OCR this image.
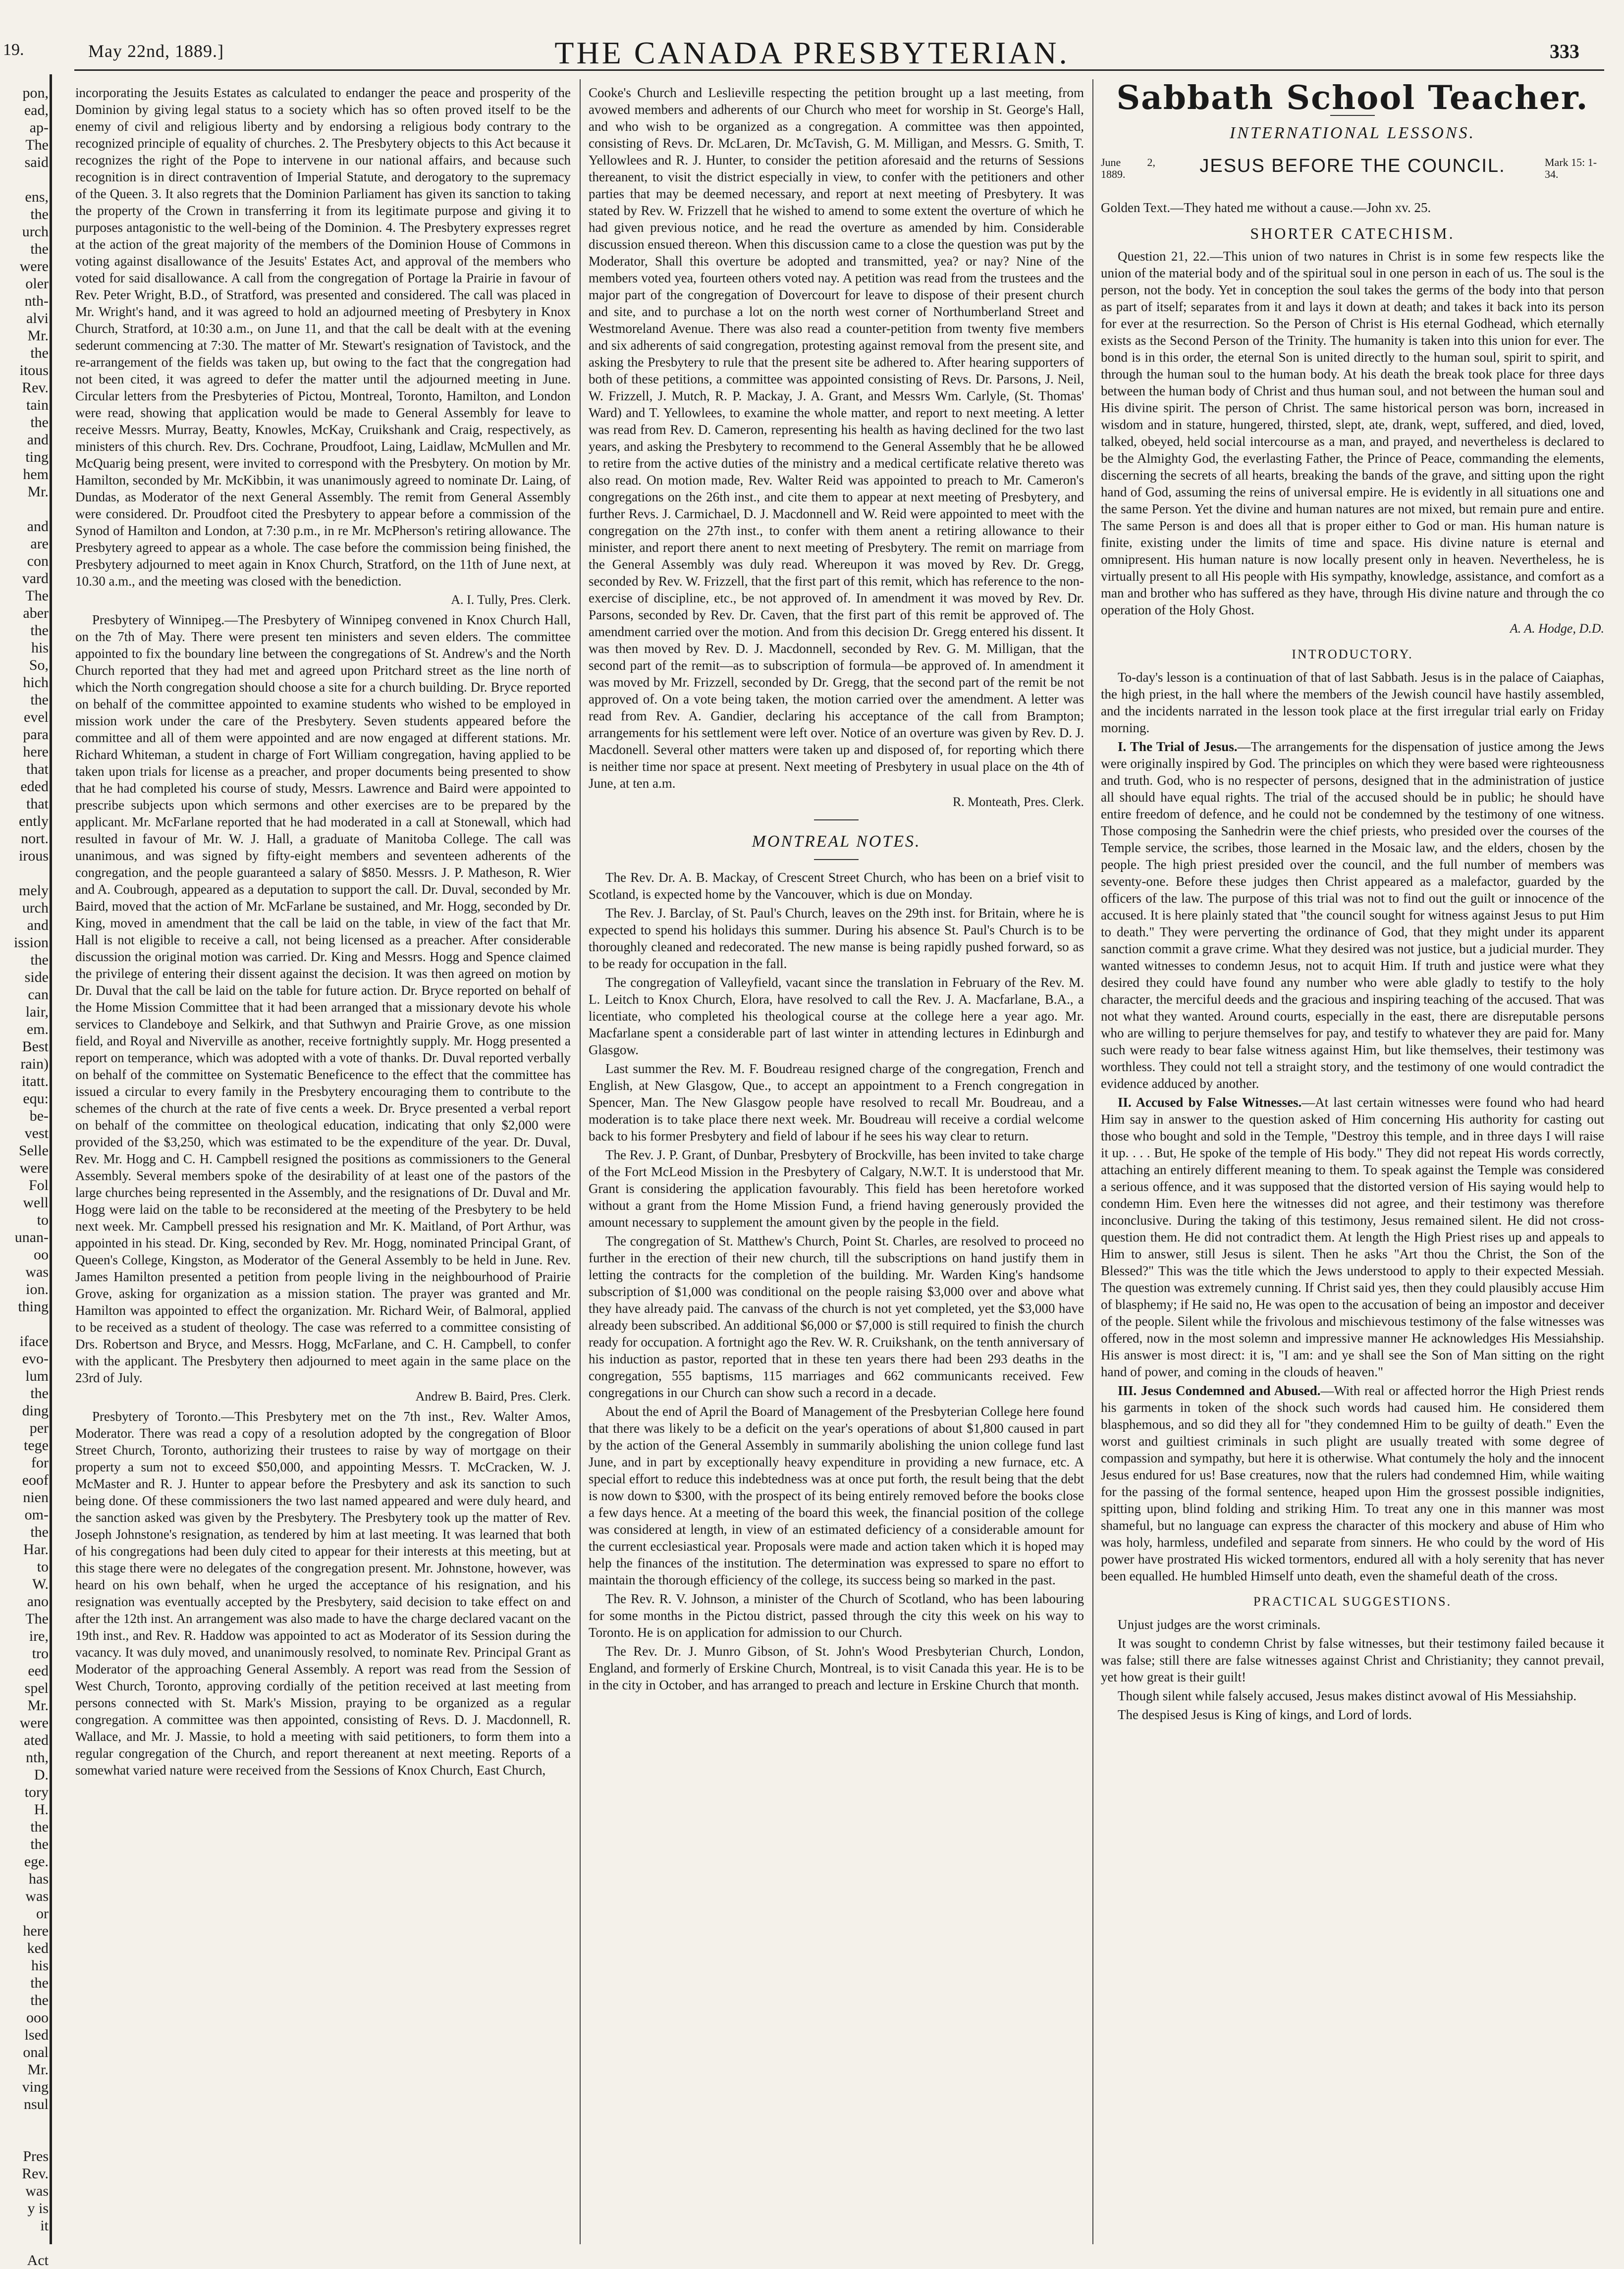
19.	May 22nd, 1889.]	THE CANADA PRESBYTERIAN.	333
pon,
ead,
ap-
The
said
ens,
the
urch
the
were
oler
nth-
alvi
Mr.
the
itous
Rev.
tain
the
and
ting
hem
Mr.
and
are
con
vard
The
aber
the
his
So,
hich
the
evel
para
here
that
eded
that
ently
nort.
irous
mely
urch
and
ission
the
side
can
lair,
em.
Best
rain)
itatt.
equ:
be-
vest
Selle
were
Fol
well
to
unan-
oo
was
ion.
thing
iface
evo-
lum
the
ding
per
tege
for
eoof
nien
om-
the
Har.
to
W.
ano
The
ire,
tro
eed
spel
Mr.
were
ated
nth,
D.
tory
H.
the
the
ege.
has
was
or
here
ked
his
the
the
ooo
lsed
onal
Mr.
ving
nsul
Pres
Rev.
was
y is
it
Act

incorporating the Jesuits Estates as calculated to endanger the peace and prosperity of the Dominion by giving legal status to a society which has so often proved itself to be the enemy of civil and religious liberty and by endorsing a religious body contrary to the recognized principle of equality of churches. 2. The Presbytery objects to this Act because it recognizes the right of the Pope to intervene in our national affairs, and because such recognition is in direct contravention of Imperial Statute, and derogatory to the supremacy of the Queen. 3. It also regrets that the Dominion Parliament has given its sanction to taking the property of the Crown in transferring it from its legitimate purpose and giving it to purposes antagonistic to the well-being of the Dominion. 4. The Presbytery expresses regret at the action of the great majority of the members of the Dominion House of Commons in voting against disallowance of the Jesuits' Estates Act, and approval of the members who voted for said disallowance. A call from the congregation of Portage la Prairie in favour of Rev. Peter Wright, B.D., of Stratford, was presented and considered. The call was placed in Mr. Wright's hand, and it was agreed to hold an adjourned meeting of Presbytery in Knox Church, Stratford, at 10:30 a.m., on June 11, and that the call be dealt with at the evening sederunt commencing at 7:30. The matter of Mr. Stewart's resignation of Tavistock, and the re-arrangement of the fields was taken up, but owing to the fact that the congregation had not been cited, it was agreed to defer the matter until the adjourned meeting in June. Circular letters from the Presbyteries of Pictou, Montreal, Toronto, Hamilton, and London were read, showing that application would be made to General Assembly for leave to receive Messrs. Murray, Beatty, Knowles, McKay, Cruikshank and Craig, respectively, as ministers of this church. Rev. Drs. Cochrane, Proudfoot, Laing, Laidlaw, McMullen and Mr. McQuarig being present, were invited to correspond with the Presbytery. On motion by Mr. Hamilton, seconded by Mr. McKibbin, it was unanimously agreed to nominate Dr. Laing, of Dundas, as Moderator of the next General Assembly. The remit from General Assembly were considered. Dr. Proudfoot cited the Presbytery to appear before a commission of the Synod of Hamilton and London, at 7:30 p.m., in re Mr. McPherson's retiring allowance. The Presbytery agreed to appear as a whole. The case before the commission being finished, the Presbytery adjourned to meet again in Knox Church, Stratford, on the 11th of June next, at 10.30 a.m., and the meeting was closed with the benediction.

A. I. Tully, Pres. Clerk.

Presbytery of Winnipeg.—The Presbytery of Winnipeg convened in Knox Church Hall, on the 7th of May. There were present ten ministers and seven elders. The committee appointed to fix the boundary line between the congregations of St. Andrew's and the North Church reported that they had met and agreed upon Pritchard street as the line north of which the North congregation should choose a site for a church building. Dr. Bryce reported on behalf of the committee appointed to examine students who wished to be employed in mission work under the care of the Presbytery. Seven students appeared before the committee and all of them were appointed and are now engaged at different stations. Mr. Richard Whiteman, a student in charge of Fort William congregation, having applied to be taken upon trials for license as a preacher, and proper documents being presented to show that he had completed his course of study, Messrs. Lawrence and Baird were appointed to prescribe subjects upon which sermons and other exercises are to be prepared by the applicant. Mr. McFarlane reported that he had moderated in a call at Stonewall, which had resulted in favour of Mr. W. J. Hall, a graduate of Manitoba College. The call was unanimous, and was signed by fifty-eight members and seventeen adherents of the congregation, and the people guaranteed a salary of $850. Messrs. J. P. Matheson, R. Wier and A. Coubrough, appeared as a deputation to support the call. Dr. Duval, seconded by Mr. Baird, moved that the action of Mr. McFarlane be sustained, and Mr. Hogg, seconded by Dr. King, moved in amendment that the call be laid on the table, in view of the fact that Mr. Hall is not eligible to receive a call, not being licensed as a preacher. After considerable discussion the original motion was carried. Dr. King and Messrs. Hogg and Spence claimed the privilege of entering their dissent against the decision. It was then agreed on motion by Dr. Duval that the call be laid on the table for future action. Dr. Bryce reported on behalf of the Home Mission Committee that it had been arranged that a missionary devote his whole services to Clandeboye and Selkirk, and that Suthwyn and Prairie Grove, as one mission field, and Royal and Niverville as another, receive fortnightly supply. Mr. Hogg presented a report on temperance, which was adopted with a vote of thanks. Dr. Duval reported verbally on behalf of the committee on Systematic Beneficence to the effect that the committee has issued a circular to every family in the Presbytery encouraging them to contribute to the schemes of the church at the rate of five cents a week. Dr. Bryce presented a verbal report on behalf of the committee on theological education, indicating that only $2,000 were provided of the $3,250, which was estimated to be the expenditure of the year. Dr. Duval, Rev. Mr. Hogg and C. H. Campbell resigned the positions as commissioners to the General Assembly. Several members spoke of the desirability of at least one of the pastors of the large churches being represented in the Assembly, and the resignations of Dr. Duval and Mr. Hogg were laid on the table to be reconsidered at the meeting of the Presbytery to be held next week. Mr. Campbell pressed his resignation and Mr. K. Maitland, of Port Arthur, was appointed in his stead. Dr. King, seconded by Rev. Mr. Hogg, nominated Principal Grant, of Queen's College, Kingston, as Moderator of the General Assembly to be held in June. Rev. James Hamilton presented a petition from people living in the neighbourhood of Prairie Grove, asking for organization as a mission station. The prayer was granted and Mr. Hamilton was appointed to effect the organization. Mr. Richard Weir, of Balmoral, applied to be received as a student of theology. The case was referred to a committee consisting of Drs. Robertson and Bryce, and Messrs. Hogg, McFarlane, and C. H. Campbell, to confer with the applicant. The Presbytery then adjourned to meet again in the same place on the 23rd of July.

Andrew B. Baird, Pres. Clerk.

Presbytery of Toronto.—This Presbytery met on the 7th inst., Rev. Walter Amos, Moderator. There was read a copy of a resolution adopted by the congregation of Bloor Street Church, Toronto, authorizing their trustees to raise by way of mortgage on their property a sum not to exceed $50,000, and appointing Messrs. T. McCracken, W. J. McMaster and R. J. Hunter to appear before the Presbytery and ask its sanction to such being done. Of these commissioners the two last named appeared and were duly heard, and the sanction asked was given by the Presbytery. The Presbytery took up the matter of Rev. Joseph Johnstone's resignation, as tendered by him at last meeting. It was learned that both of his congregations had been duly cited to appear for their interests at this meeting, but at this stage there were no delegates of the congregation present. Mr. Johnstone, however, was heard on his own behalf, when he urged the acceptance of his resignation, and his resignation was eventually accepted by the Presbytery, said decision to take effect on and after the 12th inst. An arrangement was also made to have the charge declared vacant on the 19th inst., and Rev. R. Haddow was appointed to act as Moderator of its Session during the vacancy. It was duly moved, and unanimously resolved, to nominate Rev. Principal Grant as Moderator of the approaching General Assembly. A report was read from the Session of West Church, Toronto, approving cordially of the petition received at last meeting from persons connected with St. Mark's Mission, praying to be organized as a regular congregation. A committee was then appointed, consisting of Revs. D. J. Macdonnell, R. Wallace, and Mr. J. Massie, to hold a meeting with said petitioners, to form them into a regular congregation of the Church, and report thereanent at next meeting. Reports of a somewhat varied nature were received from the Sessions of Knox Church, East Church,

Cooke's Church and Leslieville respecting the petition brought up a last meeting, from avowed members and adherents of our Church who meet for worship in St. George's Hall, and who wish to be organized as a congregation. A committee was then appointed, consisting of Revs. Dr. McLaren, Dr. McTavish, G. M. Milligan, and Messrs. G. Smith, T. Yellowlees and R. J. Hunter, to consider the petition aforesaid and the returns of Sessions thereanent, to visit the district especially in view, to confer with the petitioners and other parties that may be deemed necessary, and report at next meeting of Presbytery. It was stated by Rev. W. Frizzell that he wished to amend to some extent the overture of which he had given previous notice, and he read the overture as amended by him. Considerable discussion ensued thereon. When this discussion came to a close the question was put by the Moderator, Shall this overture be adopted and transmitted, yea? or nay? Nine of the members voted yea, fourteen others voted nay. A petition was read from the trustees and the major part of the congregation of Dovercourt for leave to dispose of their present church and site, and to purchase a lot on the north west corner of Northumberland Street and Westmoreland Avenue. There was also read a counter-petition from twenty five members and six adherents of said congregation, protesting against removal from the present site, and asking the Presbytery to rule that the present site be adhered to. After hearing supporters of both of these petitions, a committee was appointed consisting of Revs. Dr. Parsons, J. Neil, W. Frizzell, J. Mutch, R. P. Mackay, J. A. Grant, and Messrs Wm. Carlyle, (St. Thomas' Ward) and T. Yellowlees, to examine the whole matter, and report to next meeting. A letter was read from Rev. D. Cameron, representing his health as having declined for the two last years, and asking the Presbytery to recommend to the General Assembly that he be allowed to retire from the active duties of the ministry and a medical certificate relative thereto was also read. On motion made, Rev. Walter Reid was appointed to preach to Mr. Cameron's congregations on the 26th inst., and cite them to appear at next meeting of Presbytery, and further Revs. J. Carmichael, D. J. Macdonnell and W. Reid were appointed to meet with the congregation on the 27th inst., to confer with them anent a retiring allowance to their minister, and report there anent to next meeting of Presbytery. The remit on marriage from the General Assembly was duly read. Whereupon it was moved by Rev. Dr. Gregg, seconded by Rev. W. Frizzell, that the first part of this remit, which has reference to the non-exercise of discipline, etc., be not approved of. In amendment it was moved by Rev. Dr. Parsons, seconded by Rev. Dr. Caven, that the first part of this remit be approved of. The amendment carried over the motion. And from this decision Dr. Gregg entered his dissent. It was then moved by Rev. D. J. Macdonnell, seconded by Rev. G. M. Milligan, that the second part of the remit—as to subscription of formula—be approved of. In amendment it was moved by Mr. Frizzell, seconded by Dr. Gregg, that the second part of the remit be not approved of. On a vote being taken, the motion carried over the amendment. A letter was read from Rev. A. Gandier, declaring his acceptance of the call from Brampton; arrangements for his settlement were left over. Notice of an overture was given by Rev. D. J. Macdonell. Several other matters were taken up and disposed of, for reporting which there is neither time nor space at present. Next meeting of Presbytery in usual place on the 4th of June, at ten a.m.

R. Monteath, Pres. Clerk.
MONTREAL NOTES.

The Rev. Dr. A. B. Mackay, of Crescent Street Church, who has been on a brief visit to Scotland, is expected home by the Vancouver, which is due on Monday.

The Rev. J. Barclay, of St. Paul's Church, leaves on the 29th inst. for Britain, where he is expected to spend his holidays this summer. During his absence St. Paul's Church is to be thoroughly cleaned and redecorated. The new manse is being rapidly pushed forward, so as to be ready for occupation in the fall.

The congregation of Valleyfield, vacant since the translation in February of the Rev. M. L. Leitch to Knox Church, Elora, have resolved to call the Rev. J. A. Macfarlane, B.A., a licentiate, who completed his theological course at the college here a year ago. Mr. Macfarlane spent a considerable part of last winter in attending lectures in Edinburgh and Glasgow.

Last summer the Rev. M. F. Boudreau resigned charge of the congregation, French and English, at New Glasgow, Que., to accept an appointment to a French congregation in Spencer, Man. The New Glasgow people have resolved to recall Mr. Boudreau, and a moderation is to take place there next week. Mr. Boudreau will receive a cordial welcome back to his former Presbytery and field of labour if he sees his way clear to return.

The Rev. J. P. Grant, of Dunbar, Presbytery of Brockville, has been invited to take charge of the Fort McLeod Mission in the Presbytery of Calgary, N.W.T. It is understood that Mr. Grant is considering the application favourably. This field has been heretofore worked without a grant from the Home Mission Fund, a friend having generously provided the amount necessary to supplement the amount given by the people in the field.

The congregation of St. Matthew's Church, Point St. Charles, are resolved to proceed no further in the erection of their new church, till the subscriptions on hand justify them in letting the contracts for the completion of the building. Mr. Warden King's handsome subscription of $1,000 was conditional on the people raising $3,000 over and above what they have already paid. The canvass of the church is not yet completed, yet the $3,000 have already been subscribed. An additional $6,000 or $7,000 is still required to finish the church ready for occupation. A fortnight ago the Rev. W. R. Cruikshank, on the tenth anniversary of his induction as pastor, reported that in these ten years there had been 293 deaths in the congregation, 555 baptisms, 115 marriages and 662 communicants received. Few congregations in our Church can show such a record in a decade.

About the end of April the Board of Management of the Presbyterian College here found that there was likely to be a deficit on the year's operations of about $1,800 caused in part by the action of the General Assembly in summarily abolishing the union college fund last June, and in part by exceptionally heavy expenditure in providing a new furnace, etc. A special effort to reduce this indebtedness was at once put forth, the result being that the debt is now down to $300, with the prospect of its being entirely removed before the books close a few days hence. At a meeting of the board this week, the financial position of the college was considered at length, in view of an estimated deficiency of a considerable amount for the current ecclesiastical year. Proposals were made and action taken which it is hoped may help the finances of the institution. The determination was expressed to spare no effort to maintain the thorough efficiency of the college, its success being so marked in the past.

The Rev. R. V. Johnson, a minister of the Church of Scotland, who has been labouring for some months in the Pictou district, passed through the city this week on his way to Toronto. He is on application for admission to our Church.

The Rev. Dr. J. Munro Gibson, of St. John's Wood Presbyterian Church, London, England, and formerly of Erskine Church, Montreal, is to visit Canada this year. He is to be in the city in October, and has arranged to preach and lecture in Erskine Church that month.

Sabbath School Teacher.
INTERNATIONAL LESSONS.
June 2, 1889.	JESUS BEFORE THE COUNCIL.	Mark 15: 1-34.

Golden Text.—They hated me without a cause.—John xv. 25.

SHORTER CATECHISM.

Question 21, 22.—This union of two natures in Christ is in some few respects like the union of the material body and of the spiritual soul in one person in each of us. The soul is the person, not the body. Yet in conception the soul takes the germs of the body into that person as part of itself; separates from it and lays it down at death; and takes it back into its person for ever at the resurrection. So the Person of Christ is His eternal Godhead, which eternally exists as the Second Person of the Trinity. The humanity is taken into this union for ever. The bond is in this order, the eternal Son is united directly to the human soul, spirit to spirit, and through the human soul to the human body. At his death the break took place for three days between the human body of Christ and thus human soul, and not between the human soul and His divine spirit. The person of Christ. The same historical person was born, increased in wisdom and in stature, hungered, thirsted, slept, ate, drank, wept, suffered, and died, loved, talked, obeyed, held social intercourse as a man, and prayed, and nevertheless is declared to be the Almighty God, the everlasting Father, the Prince of Peace, commanding the elements, discerning the secrets of all hearts, breaking the bands of the grave, and sitting upon the right hand of God, assuming the reins of universal empire. He is evidently in all situations one and the same Person. Yet the divine and human natures are not mixed, but remain pure and entire. The same Person is and does all that is proper either to God or man. His human nature is finite, existing under the limits of time and space. His divine nature is eternal and omnipresent. His human nature is now locally present only in heaven. Nevertheless, he is virtually present to all His people with His sympathy, knowledge, assistance, and comfort as a man and brother who has suffered as they have, through His divine nature and through the co operation of the Holy Ghost.

A. A. Hodge, D.D.
INTRODUCTORY.

To-day's lesson is a continuation of that of last Sabbath. Jesus is in the palace of Caiaphas, the high priest, in the hall where the members of the Jewish council have hastily assembled, and the incidents narrated in the lesson took place at the first irregular trial early on Friday morning.

I. The Trial of Jesus.—The arrangements for the dispensation of justice among the Jews were originally inspired by God. The principles on which they were based were righteousness and truth. God, who is no respecter of persons, designed that in the administration of justice all should have equal rights. The trial of the accused should be in public; he should have entire freedom of defence, and he could not be condemned by the testimony of one witness. Those composing the Sanhedrin were the chief priests, who presided over the courses of the Temple service, the scribes, those learned in the Mosaic law, and the elders, chosen by the people. The high priest presided over the council, and the full number of members was seventy-one. Before these judges then Christ appeared as a malefactor, guarded by the officers of the law. The purpose of this trial was not to find out the guilt or innocence of the accused. It is here plainly stated that "the council sought for witness against Jesus to put Him to death." They were perverting the ordinance of God, that they might under its apparent sanction commit a grave crime. What they desired was not justice, but a judicial murder. They wanted witnesses to condemn Jesus, not to acquit Him. If truth and justice were what they desired they could have found any number who were able gladly to testify to the holy character, the merciful deeds and the gracious and inspiring teaching of the accused. That was not what they wanted. Around courts, especially in the east, there are disreputable persons who are willing to perjure themselves for pay, and testify to whatever they are paid for. Many such were ready to bear false witness against Him, but like themselves, their testimony was worthless. They could not tell a straight story, and the testimony of one would contradict the evidence adduced by another.

II. Accused by False Witnesses.—At last certain witnesses were found who had heard Him say in answer to the question asked of Him concerning His authority for casting out those who bought and sold in the Temple, "Destroy this temple, and in three days I will raise it up. . . . But, He spoke of the temple of His body." They did not repeat His words correctly, attaching an entirely different meaning to them. To speak against the Temple was considered a serious offence, and it was supposed that the distorted version of His saying would help to condemn Him. Even here the witnesses did not agree, and their testimony was therefore inconclusive. During the taking of this testimony, Jesus remained silent. He did not cross-question them. He did not contradict them. At length the High Priest rises up and appeals to Him to answer, still Jesus is silent. Then he asks "Art thou the Christ, the Son of the Blessed?" This was the title which the Jews understood to apply to their expected Messiah. The question was extremely cunning. If Christ said yes, then they could plausibly accuse Him of blasphemy; if He said no, He was open to the accusation of being an impostor and deceiver of the people. Silent while the frivolous and mischievous testimony of the false witnesses was offered, now in the most solemn and impressive manner He acknowledges His Messiahship. His answer is most direct: it is, "I am: and ye shall see the Son of Man sitting on the right hand of power, and coming in the clouds of heaven."

III. Jesus Condemned and Abused.—With real or affected horror the High Priest rends his garments in token of the shock such words had caused him. He considered them blasphemous, and so did they all for "they condemned Him to be guilty of death." Even the worst and guiltiest criminals in such plight are usually treated with some degree of compassion and sympathy, but here it is otherwise. What contumely the holy and the innocent Jesus endured for us! Base creatures, now that the rulers had condemned Him, while waiting for the passing of the formal sentence, heaped upon Him the grossest possible indignities, spitting upon, blind folding and striking Him. To treat any one in this manner was most shameful, but no language can express the character of this mockery and abuse of Him who was holy, harmless, undefiled and separate from sinners. He who could by the word of His power have prostrated His wicked tormentors, endured all with a holy serenity that has never been equalled. He humbled Himself unto death, even the shameful death of the cross.

PRACTICAL SUGGESTIONS.

Unjust judges are the worst criminals.

It was sought to condemn Christ by false witnesses, but their testimony failed because it was false; still there are false witnesses against Christ and Christianity; they cannot prevail, yet how great is their guilt!

Though silent while falsely accused, Jesus makes distinct avowal of His Messiahship.

The despised Jesus is King of kings, and Lord of lords.
